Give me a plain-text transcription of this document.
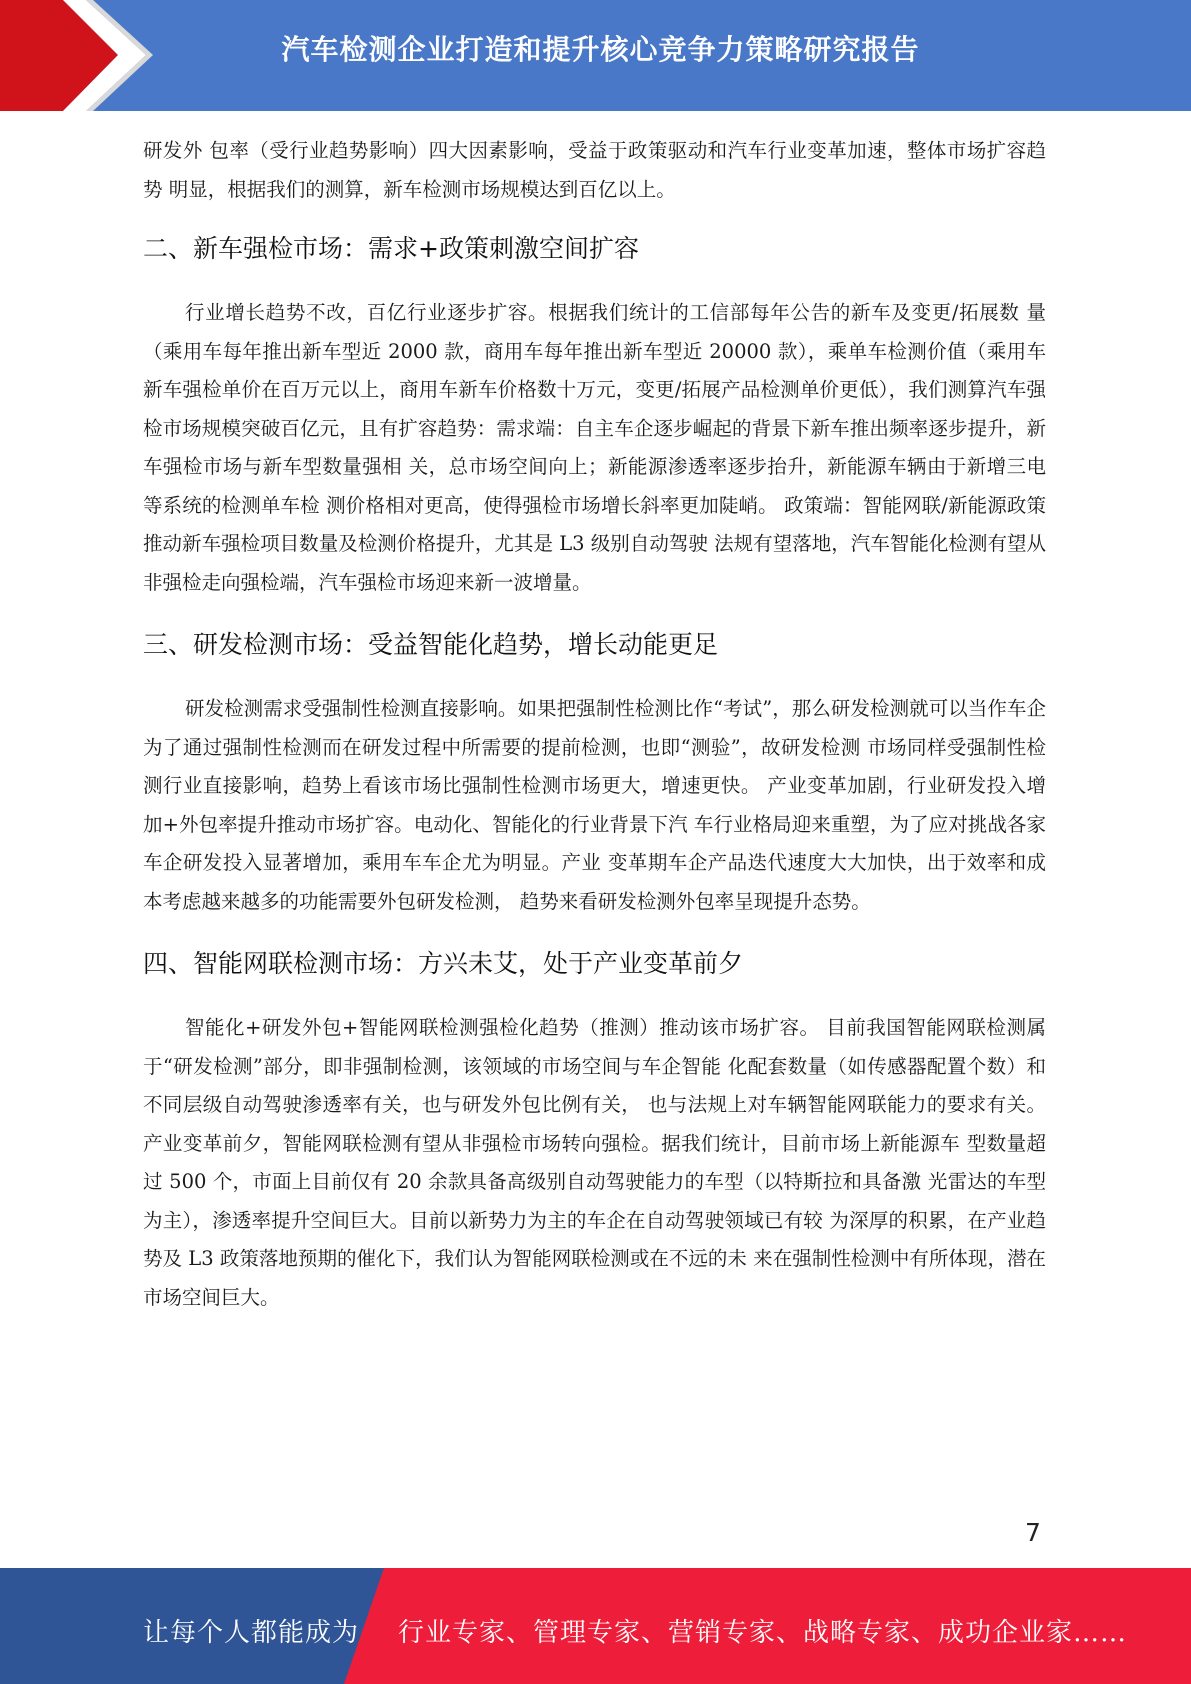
汽车检测企业打造和提升核心竞争力策略研究报告

研发外 包率（受行业趋势影响）四大因素影响，受益于政策驱动和汽车行业变革加速，整体市场扩容趋势 明显，根据我们的测算，新车检测市场规模达到百亿以上。

二、新车强检市场：需求+政策刺激空间扩容

行业增长趋势不改，百亿行业逐步扩容。根据我们统计的工信部每年公告的新车及变更/拓展数 量（乘用车每年推出新车型近 2000 款，商用车每年推出新车型近 20000 款），乘单车检测价值（乘用车新车强检单价在百万元以上，商用车新车价格数十万元，变更/拓展产品检测单价更低），我们测算汽车强检市场规模突破百亿元，且有扩容趋势：需求端：自主车企逐步崛起的背景下新车推出频率逐步提升，新车强检市场与新车型数量强相 关，总市场空间向上；新能源渗透率逐步抬升，新能源车辆由于新增三电等系统的检测单车检 测价格相对更高，使得强检市场增长斜率更加陡峭。 政策端：智能网联/新能源政策推动新车强检项目数量及检测价格提升，尤其是 L3 级别自动驾驶 法规有望落地，汽车智能化检测有望从非强检走向强检端，汽车强检市场迎来新一波增量。

三、研发检测市场：受益智能化趋势，增长动能更足

研发检测需求受强制性检测直接影响。如果把强制性检测比作“考试”，那么研发检测就可以当作车企为了通过强制性检测而在研发过程中所需要的提前检测，也即“测验”，故研发检测 市场同样受强制性检测行业直接影响，趋势上看该市场比强制性检测市场更大，增速更快。 产业变革加剧，行业研发投入增加+外包率提升推动市场扩容。电动化、智能化的行业背景下汽 车行业格局迎来重塑，为了应对挑战各家车企研发投入显著增加，乘用车车企尤为明显。产业 变革期车企产品迭代速度大大加快，出于效率和成本考虑越来越多的功能需要外包研发检测， 趋势来看研发检测外包率呈现提升态势。

四、智能网联检测市场：方兴未艾，处于产业变革前夕

智能化+研发外包+智能网联检测强检化趋势（推测）推动该市场扩容。 目前我国智能网联检测属于“研发检测”部分，即非强制检测，该领域的市场空间与车企智能 化配套数量（如传感器配置个数）和不同层级自动驾驶渗透率有关，也与研发外包比例有关， 也与法规上对车辆智能网联能力的要求有关。 产业变革前夕，智能网联检测有望从非强检市场转向强检。据我们统计，目前市场上新能源车 型数量超过 500 个，市面上目前仅有 20 余款具备高级别自动驾驶能力的车型（以特斯拉和具备激 光雷达的车型为主），渗透率提升空间巨大。目前以新势力为主的车企在自动驾驶领域已有较 为深厚的积累，在产业趋势及 L3 政策落地预期的催化下，我们认为智能网联检测或在不远的未 来在强制性检测中有所体现，潜在市场空间巨大。

7
让每个人都能成为 行业专家、管理专家、营销专家、战略专家、成功企业家……
